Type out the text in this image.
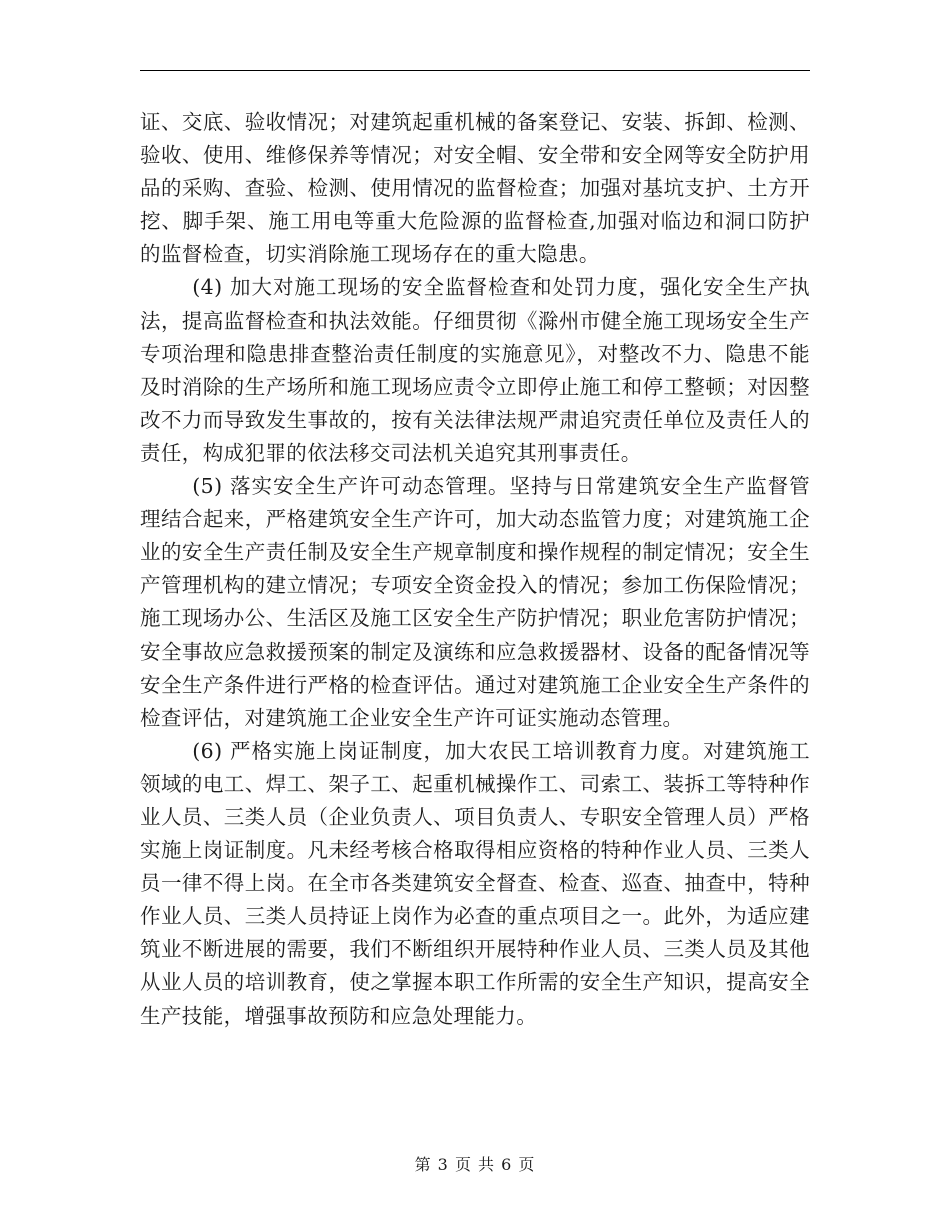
证、交底、验收情况；对建筑起重机械的备案登记、安装、拆卸、检测、验收、使用、维修保养等情况；对安全帽、安全带和安全网等安全防护用品的采购、查验、检测、使用情况的监督检查；加强对基坑支护、土方开挖、脚手架、施工用电等重大危险源的监督检查,加强对临边和洞口防护的监督检查，切实消除施工现场存在的重大隐患。

(4) 加大对施工现场的安全监督检查和处罚力度，强化安全生产执法，提高监督检查和执法效能。仔细贯彻《滁州市健全施工现场安全生产专项治理和隐患排查整治责任制度的实施意见》，对整改不力、隐患不能及时消除的生产场所和施工现场应责令立即停止施工和停工整顿；对因整改不力而导致发生事故的，按有关法律法规严肃追究责任单位及责任人的责任，构成犯罪的依法移交司法机关追究其刑事责任。

(5) 落实安全生产许可动态管理。坚持与日常建筑安全生产监督管理结合起来，严格建筑安全生产许可，加大动态监管力度；对建筑施工企业的安全生产责任制及安全生产规章制度和操作规程的制定情况；安全生产管理机构的建立情况；专项安全资金投入的情况；参加工伤保险情况；施工现场办公、生活区及施工区安全生产防护情况；职业危害防护情况；安全事故应急救援预案的制定及演练和应急救援器材、设备的配备情况等安全生产条件进行严格的检查评估。通过对建筑施工企业安全生产条件的检查评估，对建筑施工企业安全生产许可证实施动态管理。

(6) 严格实施上岗证制度，加大农民工培训教育力度。对建筑施工领域的电工、焊工、架子工、起重机械操作工、司索工、装拆工等特种作业人员、三类人员（企业负责人、项目负责人、专职安全管理人员）严格实施上岗证制度。凡未经考核合格取得相应资格的特种作业人员、三类人员一律不得上岗。在全市各类建筑安全督查、检查、巡查、抽查中，特种作业人员、三类人员持证上岗作为必查的重点项目之一。此外，为适应建筑业不断进展的需要，我们不断组织开展特种作业人员、三类人员及其他从业人员的培训教育，使之掌握本职工作所需的安全生产知识，提高安全生产技能，增强事故预防和应急处理能力。

第 3 页 共 6 页
